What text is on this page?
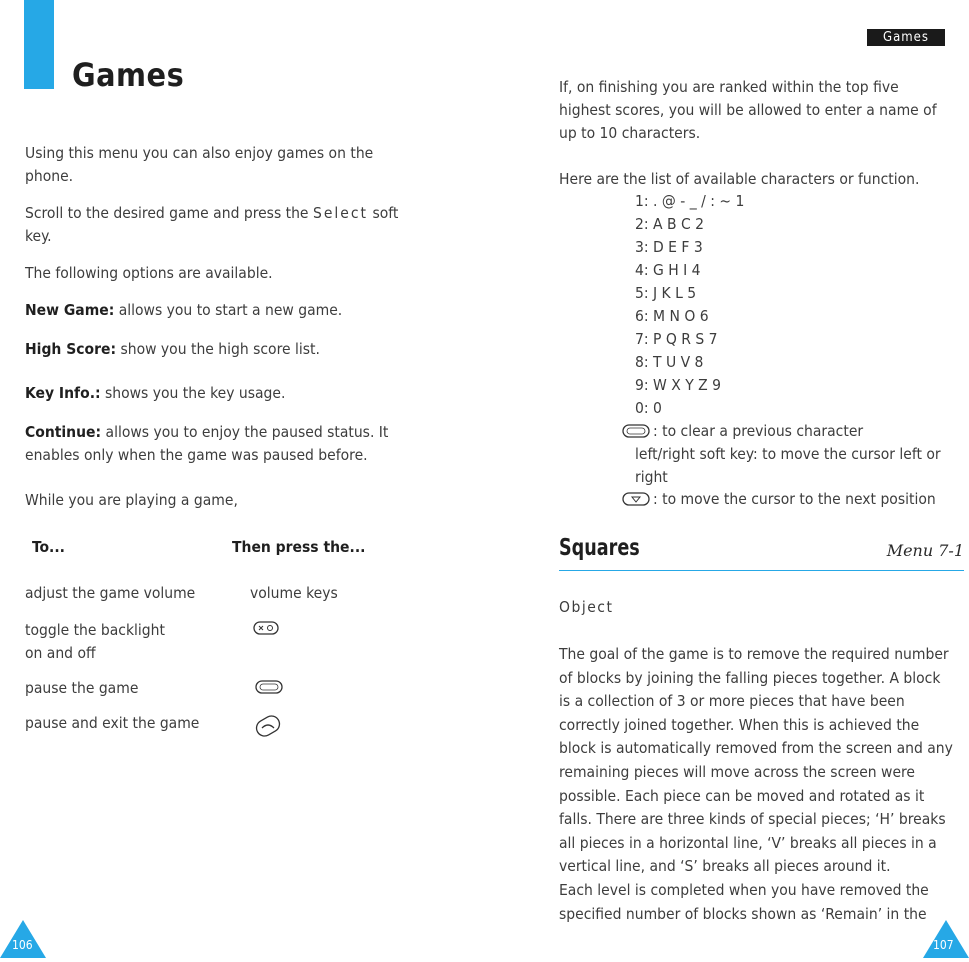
Games
Using this menu you can also enjoy games on the phone.
Scroll to the desired game and press the Select soft key.
The following options are available.
New Game: allows you to start a new game.
High Score: show you the high score list.
Key Info.: shows you the key usage.
Continue: allows you to enjoy the paused status. It enables only when the game was paused before.
While you are playing a game,
To...	Then press the...
adjust the game volume	volume keys
toggle the backlight
on and off
pause the game
pause and exit the game
106
Games
If, on finishing you are ranked within the top five
highest scores, you will be allowed to enter a name of
up to 10 characters.
Here are the list of available characters or function.
1: . @ - _ / : ~ 1
2: A B C 2
3: D E F 3
4: G H I 4
5: J K L 5
6: M N O 6
7: P Q R S 7
8: T U V 8
9: W X Y Z 9
0: 0
: to clear a previous character
left/right soft key: to move the cursor left or
right
: to move the cursor to the next position
Squares	Menu 7-1
Object
The goal of the game is to remove the required number
of blocks by joining the falling pieces together. A block
is a collection of 3 or more pieces that have been
correctly joined together. When this is achieved the
block is automatically removed from the screen and any
remaining pieces will move across the screen were
possible. Each piece can be moved and rotated as it
falls. There are three kinds of special pieces; ‘H’ breaks
all pieces in a horizontal line, ‘V’ breaks all pieces in a
vertical line, and ‘S’ breaks all pieces around it.
Each level is completed when you have removed the
specified number of blocks shown as ‘Remain’ in the
107
